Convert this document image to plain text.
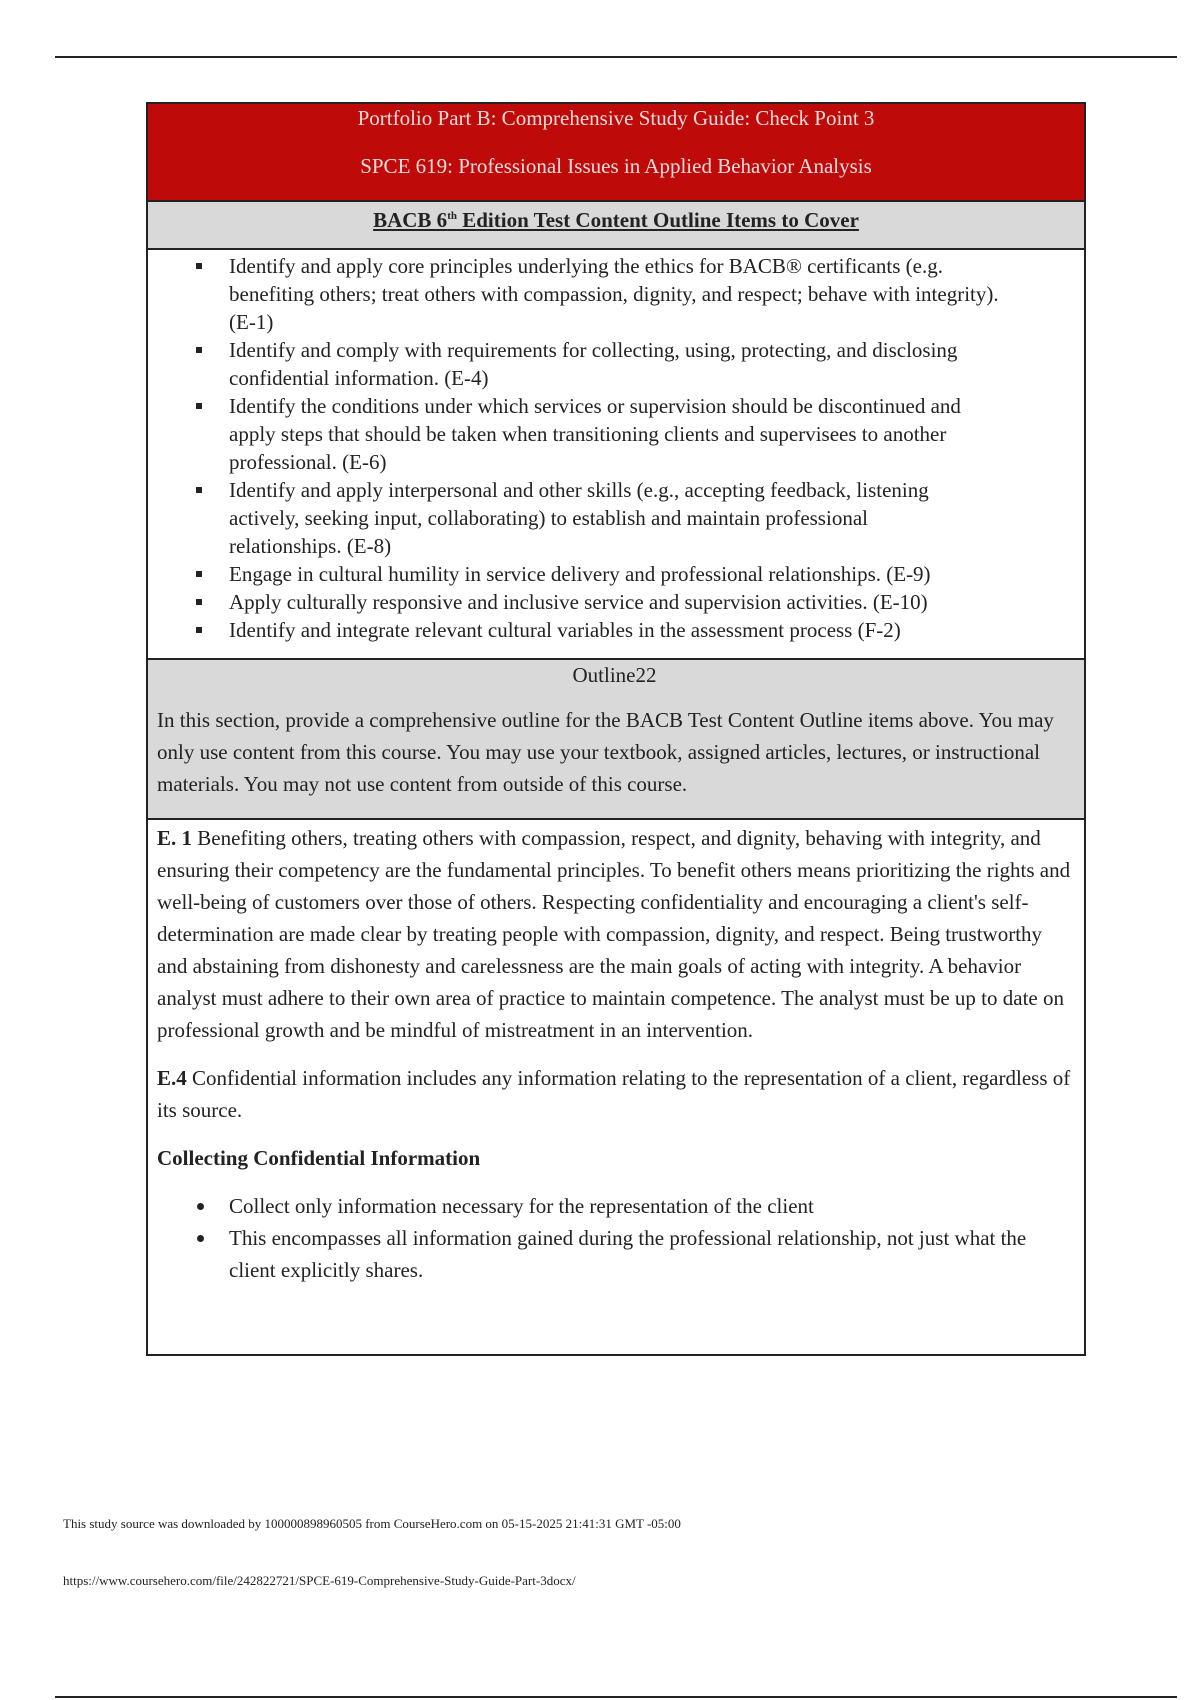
Portfolio Part B: Comprehensive Study Guide: Check Point 3
SPCE 619: Professional Issues in Applied Behavior Analysis
BACB 6th Edition Test Content Outline Items to Cover
Identify and apply core principles underlying the ethics for BACB® certificants (e.g.
benefiting others; treat others with compassion, dignity, and respect; behave with integrity).
(E-1)
Identify and comply with requirements for collecting, using, protecting, and disclosing
confidential information. (E-4)
Identify the conditions under which services or supervision should be discontinued and
apply steps that should be taken when transitioning clients and supervisees to another
professional. (E-6)
Identify and apply interpersonal and other skills (e.g., accepting feedback, listening
actively, seeking input, collaborating) to establish and maintain professional
relationships. (E-8)
Engage in cultural humility in service delivery and professional relationships. (E-9)
Apply culturally responsive and inclusive service and supervision activities. (E-10)
Identify and integrate relevant cultural variables in the assessment process (F-2)
Outline22
In this section, provide a comprehensive outline for the BACB Test Content Outline items above. You may only use content from this course. You may use your textbook, assigned articles, lectures, or instructional materials. You may not use content from outside of this course.

E. 1 Benefiting others, treating others with compassion, respect, and dignity, behaving with integrity, and ensuring their competency are the fundamental principles. To benefit others means prioritizing the rights and well-being of customers over those of others. Respecting confidentiality and encouraging a client's self-determination are made clear by treating people with compassion, dignity, and respect. Being trustworthy and abstaining from dishonesty and carelessness are the main goals of acting with integrity. A behavior analyst must adhere to their own area of practice to maintain competence. The analyst must be up to date on professional growth and be mindful of mistreatment in an intervention.

E.4 Confidential information includes any information relating to the representation of a client, regardless of its source.

Collecting Confidential Information
Collect only information necessary for the representation of the client
This encompasses all information gained during the professional relationship, not just what the client explicitly shares.
This study source was downloaded by 100000898960505 from CourseHero.com on 05-15-2025 21:41:31 GMT -05:00
https://www.coursehero.com/file/242822721/SPCE-619-Comprehensive-Study-Guide-Part-3docx/
